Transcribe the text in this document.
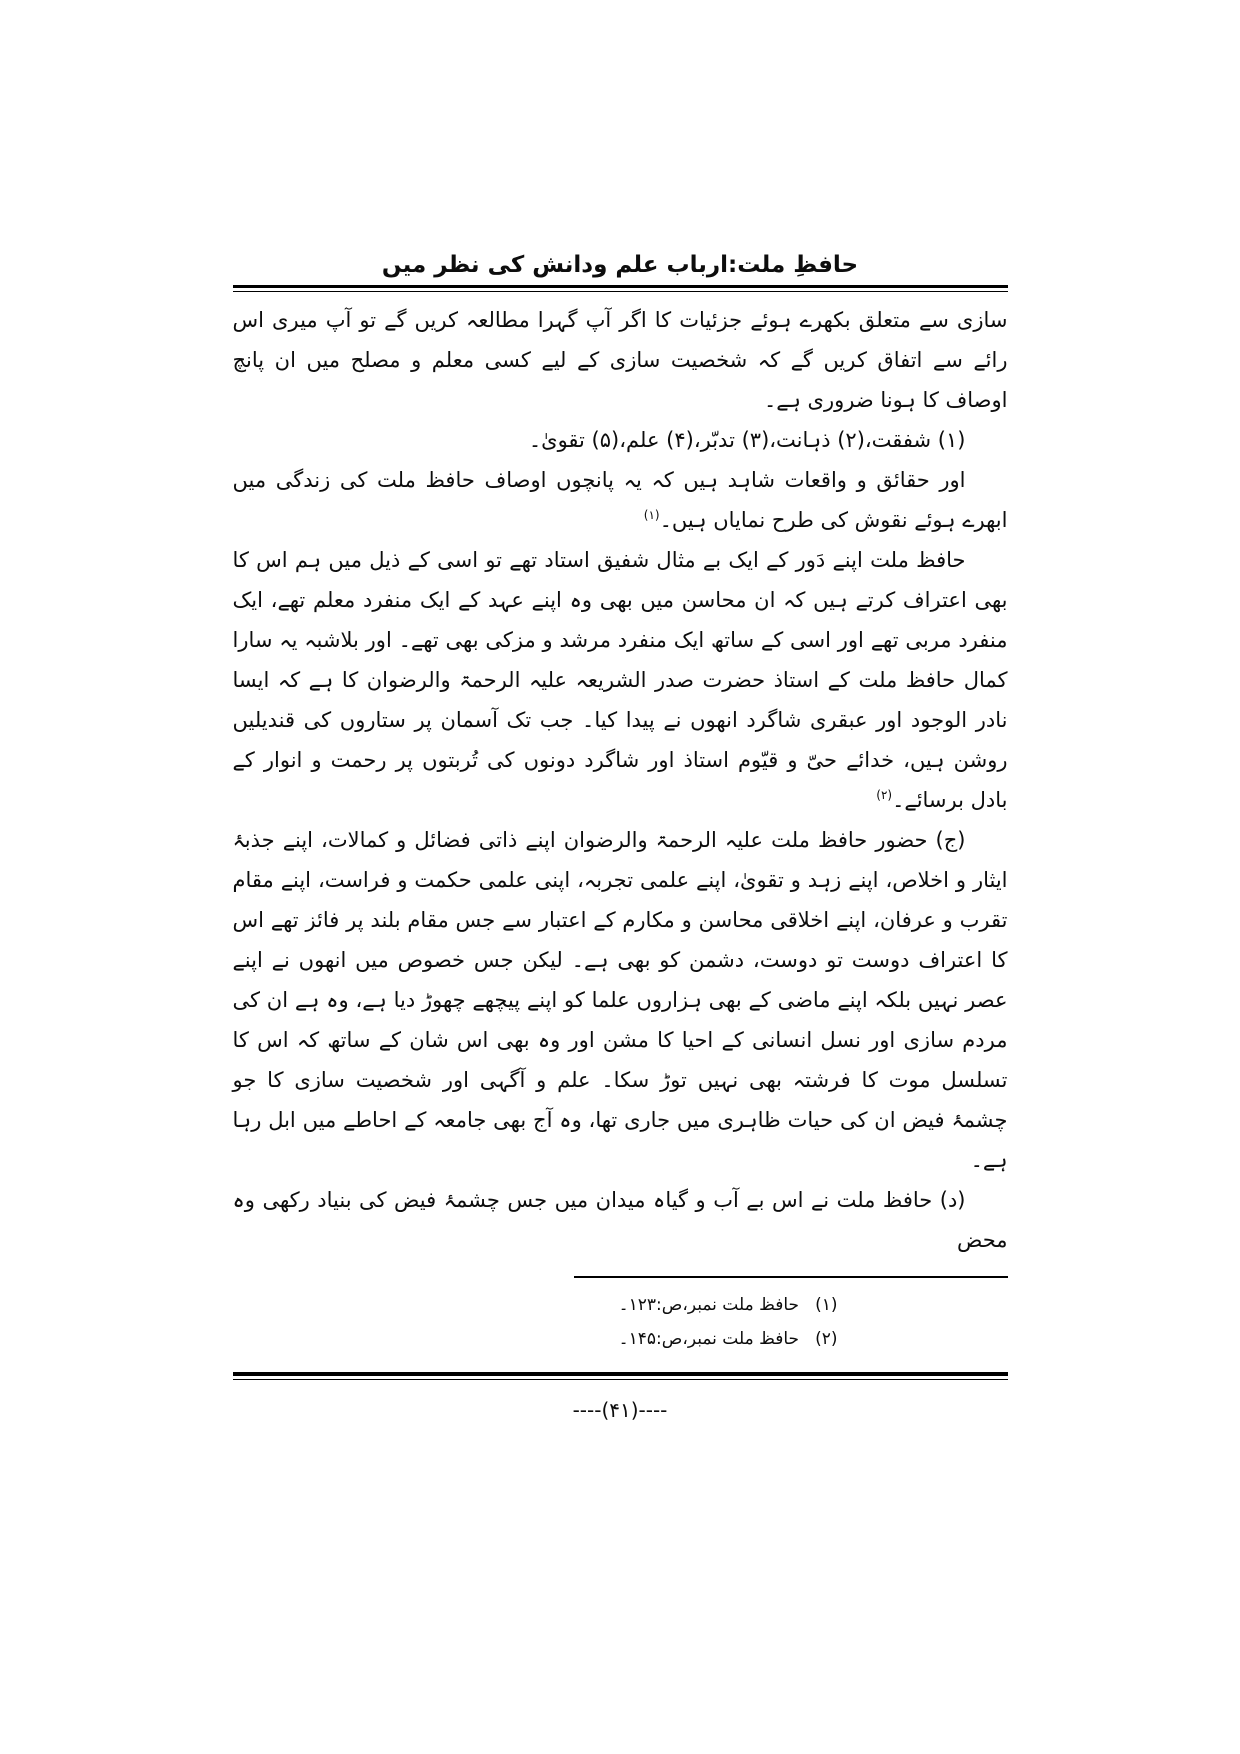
حافظِ ملت:ارباب علم ودانش کی نظر میں

سازی سے متعلق بکھرے ہوئے جزئیات کا اگر آپ گہرا مطالعہ کریں گے تو آپ میری اس رائے سے اتفاق کریں گے کہ شخصیت سازی کے لیے کسی معلم و مصلح میں ان پانچ اوصاف کا ہونا ضروری ہے۔

(۱) شفقت،(۲) ذہانت،(۳) تدبّر،(۴) علم،(۵) تقویٰ۔

اور حقائق و واقعات شاہد ہیں کہ یہ پانچوں اوصاف حافظ ملت کی زندگی میں ابھرے ہوئے نقوش کی طرح نمایاں ہیں۔$^{(۱)}$

حافظ ملت اپنے دَور کے ایک بے مثال شفیق استاد تھے تو اسی کے ذیل میں ہم اس کا بھی اعتراف کرتے ہیں کہ ان محاسن میں بھی وہ اپنے عہد کے ایک منفرد معلم تھے، ایک منفرد مربی تھے اور اسی کے ساتھ ایک منفرد مرشد و مزکی بھی تھے۔ اور بلاشبہ یہ سارا کمال حافظ ملت کے استاذ حضرت صدر الشریعہ علیہ الرحمۃ والرضوان کا ہے کہ ایسا نادر الوجود اور عبقری شاگرد انھوں نے پیدا کیا۔ جب تک آسمان پر ستاروں کی قندیلیں روشن ہیں، خدائے حیّ و قیّوم استاذ اور شاگرد دونوں کی تُربتوں پر رحمت و انوار کے بادل برسائے۔$^{(۲)}$

(ج) حضور حافظ ملت علیہ الرحمۃ والرضوان اپنے ذاتی فضائل و کمالات، اپنے جذبۂ ایثار و اخلاص، اپنے زہد و تقویٰ، اپنے علمی تجربہ، اپنی علمی حکمت و فراست، اپنے مقام تقرب و عرفان، اپنے اخلاقی محاسن و مکارم کے اعتبار سے جس مقام بلند پر فائز تھے اس کا اعتراف دوست تو دوست، دشمن کو بھی ہے۔ لیکن جس خصوص میں انھوں نے اپنے عصر نہیں بلکہ اپنے ماضی کے بھی ہزاروں علما کو اپنے پیچھے چھوڑ دیا ہے، وہ ہے ان کی مردم سازی اور نسل انسانی کے احیا کا مشن اور وہ بھی اس شان کے ساتھ کہ اس کا تسلسل موت کا فرشتہ بھی نہیں توڑ سکا۔ علم و آگہی اور شخصیت سازی کا جو چشمۂ فیض ان کی حیات ظاہری میں جاری تھا، وہ آج بھی جامعہ کے احاطے میں ابل رہا ہے۔

(د) حافظ ملت نے اس بے آب و گیاہ میدان میں جس چشمۂ فیض کی بنیاد رکھی وہ محض

(۱)حافظ ملت نمبر،ص:۱۲۳۔
(۲)حافظ ملت نمبر،ص:۱۴۵۔
----(۴۱)----
